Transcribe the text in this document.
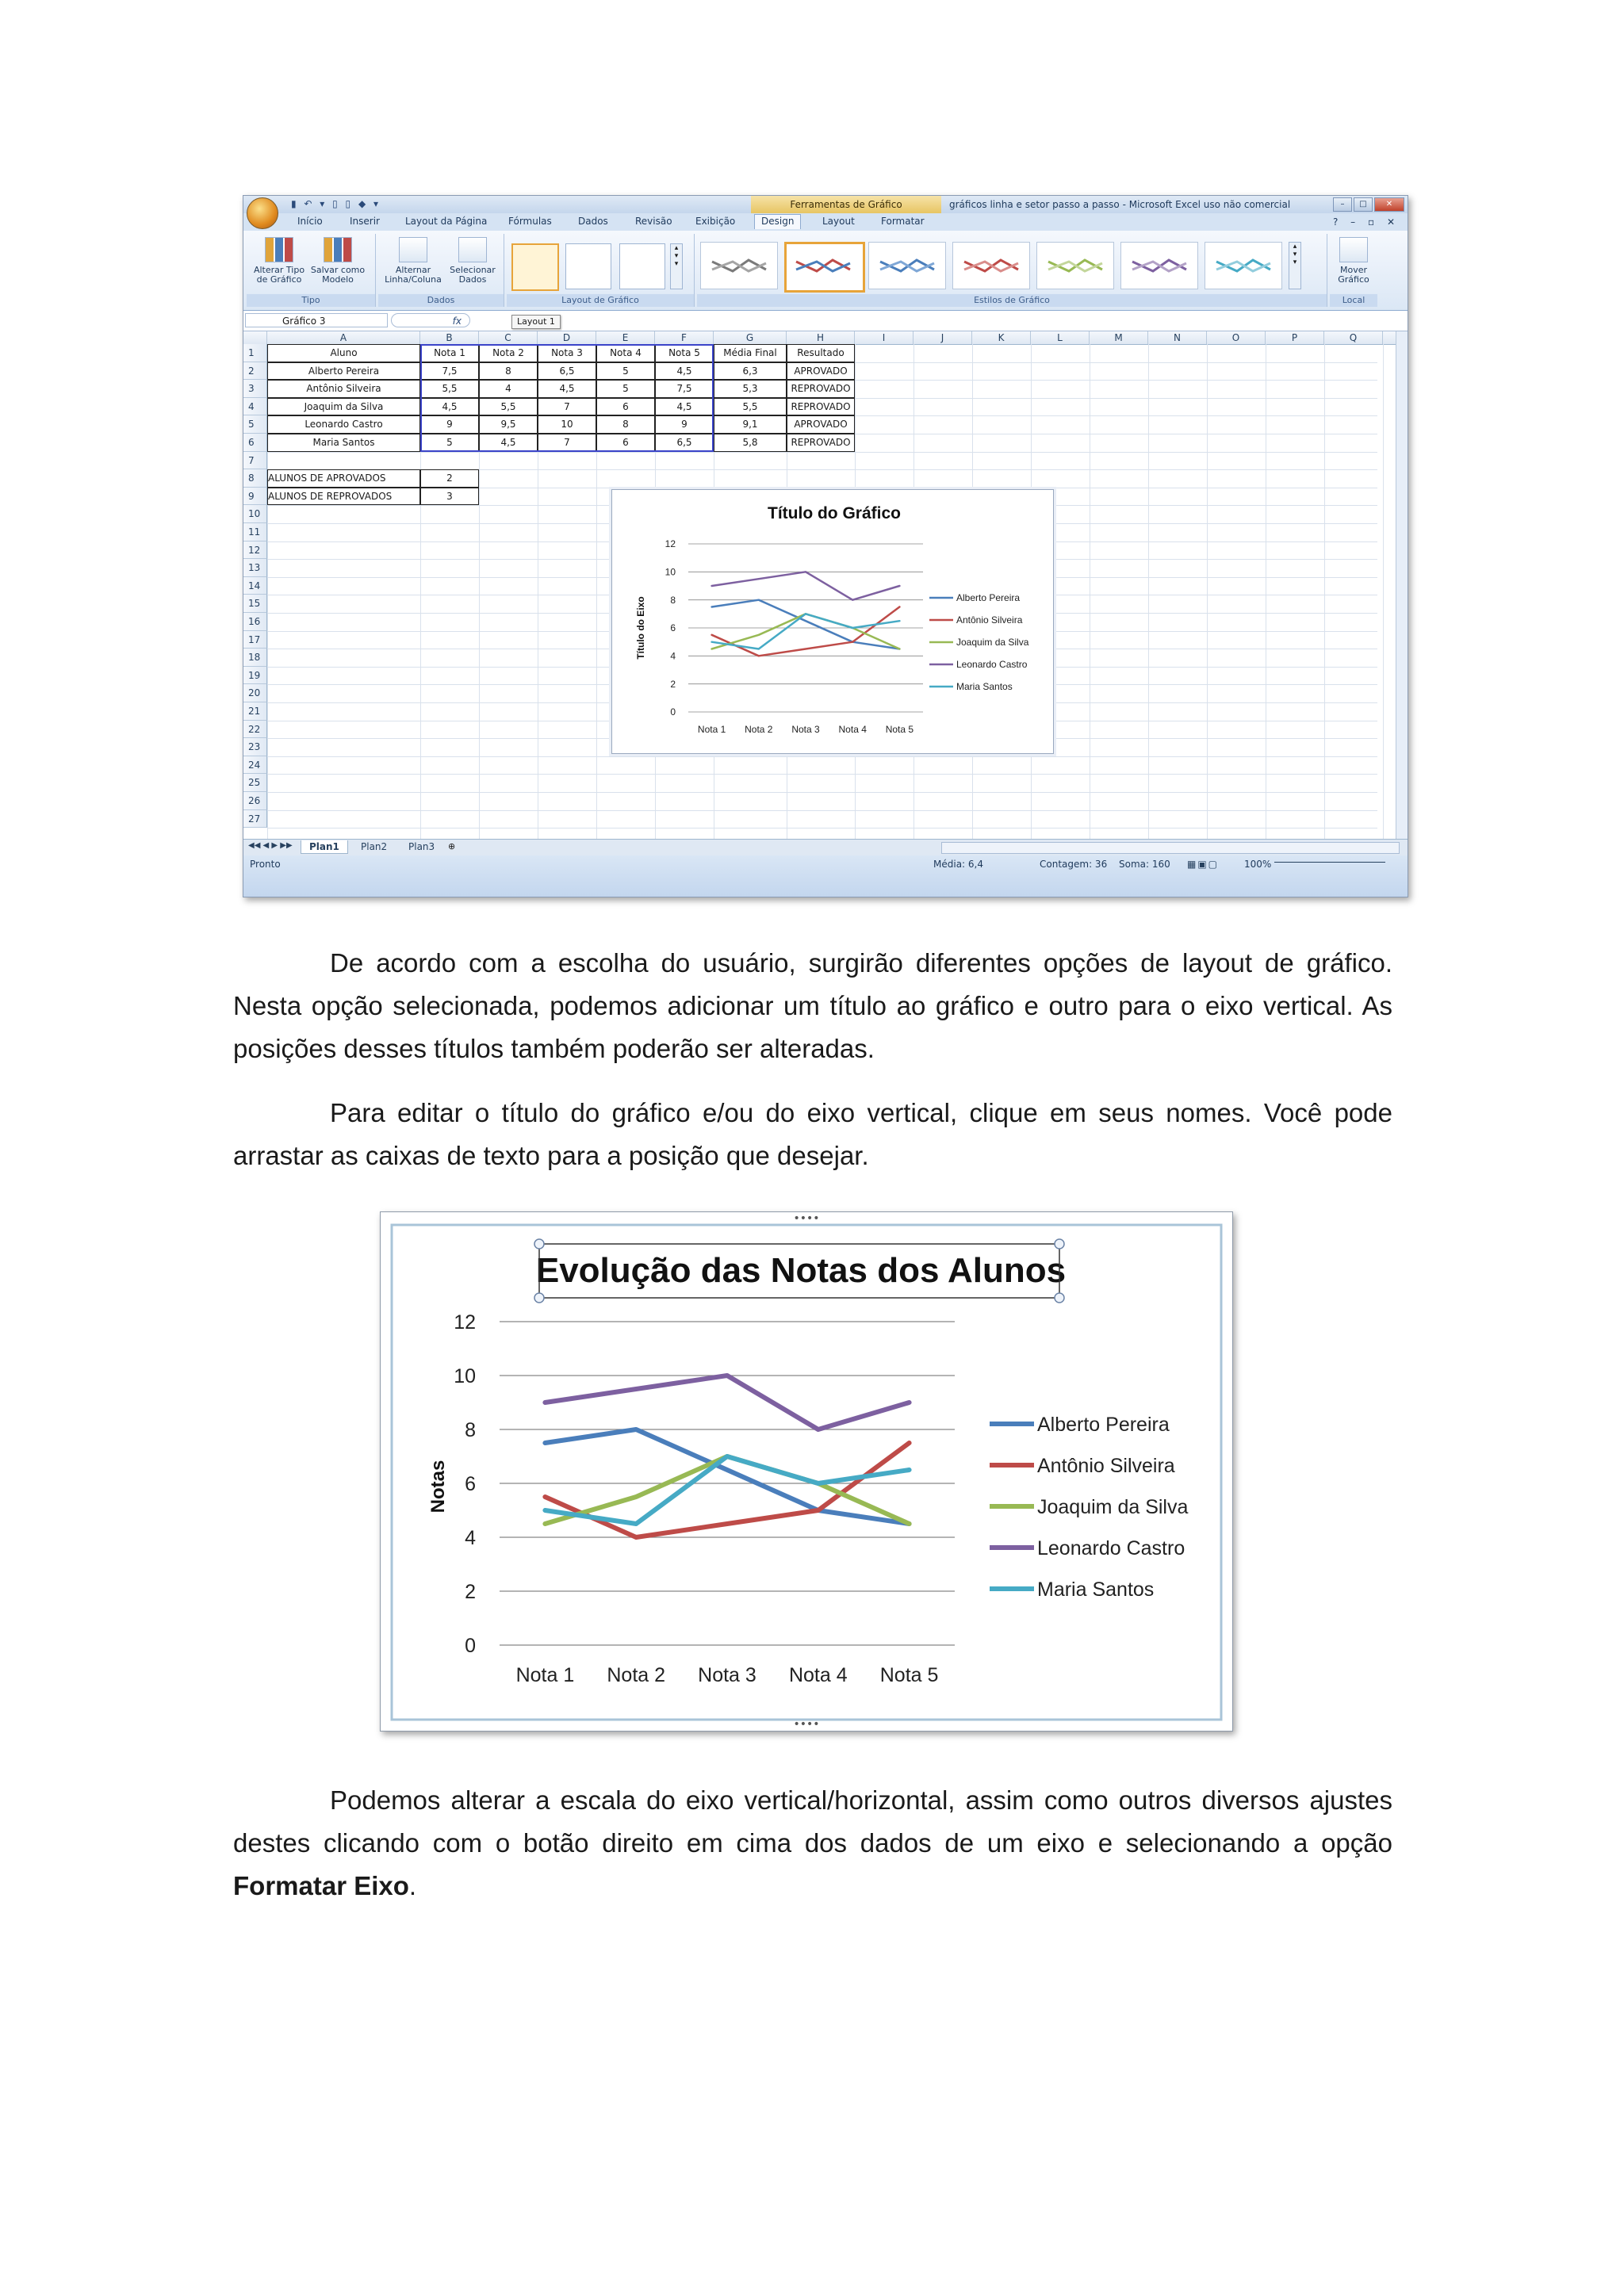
▮ ↶ ▾ ▯ ▯ ◆ ▾	Ferramentas de Gráfico	gráficos linha e setor passo a passo - Microsoft Excel uso não comercial	–	□	✕
Início	Inserir	Layout da Página Fórmulas	Dados	Revisão Exibição	Design	Layout	Formatar	? – ▫ ✕
Alterar Tipo de Gráfico
Salvar como Modelo
Tipo
Alternar Linha/Coluna
Selecionar Dados
Dados
▴
▾
▾
Layout de Gráfico
▴
▾
▾
Estilos de Gráfico
Mover Gráfico
Local
Gráfico 3	fx	Layout 1
A	B	C	D	E	F	G	H	I	J	K	L	M	N	O	P	Q
1
2
3
4
5
6
7
8
9
10
11
12
13
14
15
16
17
18
19
20
21
22
23
24
25
26
27
Aluno	Nota 1	Nota 2	Nota 3	Nota 4	Nota 5	Média Final	Resultado
Alberto Pereira	7,5	8	6,5	5	4,5	6,3	APROVADO
Antônio Silveira	5,5	4	4,5	5	7,5	5,3	REPROVADO
Joaquim da Silva	4,5	5,5	7	6	4,5	5,5	REPROVADO
Leonardo Castro	9	9,5	10	8	9	9,1	APROVADO
Maria Santos	5	4,5	7	6	6,5	5,8	REPROVADO
ALUNOS DE APROVADOS	2
ALUNOS DE REPROVADOS	3
Título do Gráfico
0
2
4
6
8
10
12
Nota 1 Nota 2 Nota 3 Nota 4 Nota 5
Título do Eixo	Alberto Pereira
Antônio Silveira
Joaquim da Silva
Leonardo Castro
Maria Santos
◀◀ ◀ ▶ ▶▶	Plan1	Plan2	Plan3	⊕
Pronto	Média: 6,4	Contagem: 36 Soma: 160 ▦▣▢	100%

De acordo com a escolha do usuário, surgirão diferentes opções de layout de gráfico. Nesta opção selecionada, podemos adicionar um título ao gráfico e outro para o eixo vertical. As posições desses títulos também poderão ser alteradas.

Para editar o título do gráfico e/ou do eixo vertical, clique em seus nomes. Você pode arrastar as caixas de texto para a posição que desejar.

••••
••••
Evolução das Notas dos Alunos
0
2
4
6
8
10
12
Nota 1 Nota 2 Nota 3 Nota 4 Nota 5
Notas
Alberto Pereira
Antônio Silveira
Joaquim da Silva
Leonardo Castro
Maria Santos

Podemos alterar a escala do eixo vertical/horizontal, assim como outros diversos ajustes destes clicando com o botão direito em cima dos dados de um eixo e selecionando a opção Formatar Eixo.
